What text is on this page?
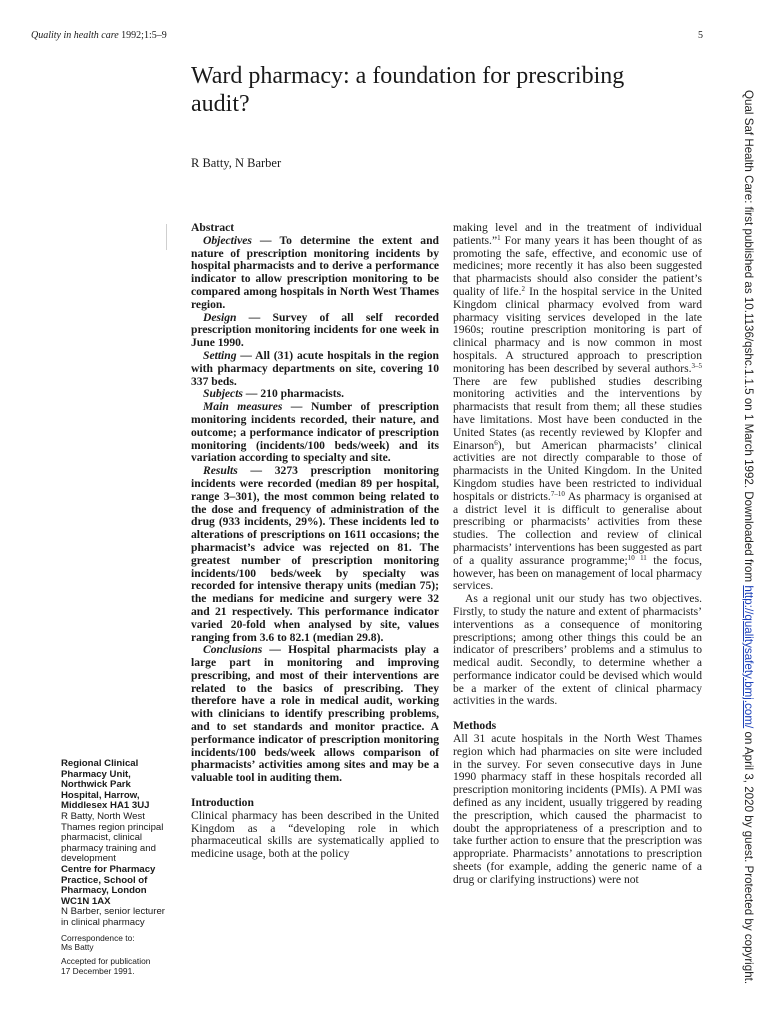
Quality in health care 1992;1:5–9	5
Ward pharmacy: a foundation for prescribing audit?
R Batty, N Barber

Abstract

Objectives — To determine the extent and nature of prescription monitoring incidents by hospital pharmacists and to derive a performance indicator to allow prescription monitoring to be compared among hospitals in North West Thames region.

Design — Survey of all self recorded prescription monitoring incidents for one week in June 1990.

Setting — All (31) acute hospitals in the region with pharmacy departments on site, covering 10 337 beds.

Subjects — 210 pharmacists.

Main measures — Number of prescription monitoring incidents recorded, their nature, and outcome; a performance indicator of prescription monitoring (incidents/100 beds/week) and its variation according to specialty and site.

Results — 3273 prescription monitoring incidents were recorded (median 89 per hospital, range 3–301), the most common being related to the dose and frequency of administration of the drug (933 incidents, 29%). These incidents led to alterations of prescriptions on 1611 occasions; the pharmacist’s advice was rejected on 81. The greatest number of prescription monitoring incidents/100 beds/week by specialty was recorded for intensive therapy units (median 75); the medians for medicine and surgery were 32 and 21 respectively. This performance indicator varied 20-fold when analysed by site, values ranging from 3.6 to 82.1 (median 29.8).

Conclusions — Hospital pharmacists play a large part in monitoring and improving prescribing, and most of their interventions are related to the basics of prescribing. They therefore have a role in medical audit, working with clinicians to identify prescribing problems, and to set standards and monitor practice. A performance indicator of prescription monitoring incidents/100 beds/week allows comparison of pharmacists’ activities among sites and may be a valuable tool in auditing them.

Introduction

Clinical pharmacy has been described in the United Kingdom as a “developing role in which pharmaceutical skills are systematically applied to medicine usage, both at the policy

making level and in the treatment of individual patients.”$^1$ For many years it has been thought of as promoting the safe, effective, and economic use of medicines; more recently it has also been suggested that pharmacists should also consider the patient’s quality of life.$^2$ In the hospital service in the United Kingdom clinical pharmacy evolved from ward pharmacy visiting services developed in the late 1960s; routine prescription monitoring is part of clinical pharmacy and is now common in most hospitals. A structured approach to prescription monitoring has been described by several authors.$^{3-5}$ There are few published studies describing monitoring activities and the interventions by pharmacists that result from them; all these studies have limitations. Most have been conducted in the United States (as recently reviewed by Klopfer and Einarson$^6$), but American pharmacists’ clinical activities are not directly comparable to those of pharmacists in the United Kingdom. In the United Kingdom studies have been restricted to individual hospitals or districts.$^{7-10}$ As pharmacy is organised at a district level it is difficult to generalise about prescribing or pharmacists’ activities from these studies. The collection and review of clinical pharmacists’ interventions has been suggested as part of a quality assurance programme;$^{10 11}$ the focus, however, has been on management of local pharmacy services.

As a regional unit our study has two objectives. Firstly, to study the nature and extent of pharmacists’ interventions as a consequence of monitoring prescriptions; among other things this could be an indicator of prescribers’ problems and a stimulus to medical audit. Secondly, to determine whether a performance indicator could be devised which would be a marker of the extent of clinical pharmacy activities in the wards.

Methods

All 31 acute hospitals in the North West Thames region which had pharmacies on site were included in the survey. For seven consecutive days in June 1990 pharmacy staff in these hospitals recorded all prescription monitoring incidents (PMIs). A PMI was defined as any incident, usually triggered by reading the prescription, which caused the pharmacist to doubt the appropriateness of a prescription and to take further action to ensure that the prescription was appropriate. Pharmacists’ annotations to prescription sheets (for example, adding the generic name of a drug or clarifying instructions) were not

Regional Clinical

Pharmacy Unit,

Northwick Park

Hospital, Harrow,

Middlesex HA1 3UJ

R Batty, North West

Thames region principal

pharmacist, clinical

pharmacy training and

development

Centre for Pharmacy

Practice, School of

Pharmacy, London

WC1N 1AX

N Barber, senior lecturer

in clinical pharmacy

Correspondence to:

Ms Batty

Accepted for publication

17 December 1991.

Qual Saf Health Care: first published as 10.1136/qshc.1.1.5 on 1 March 1992. Downloaded from http://qualitysafety.bmj.com/ on April 3, 2020 by guest. Protected by copyright.
